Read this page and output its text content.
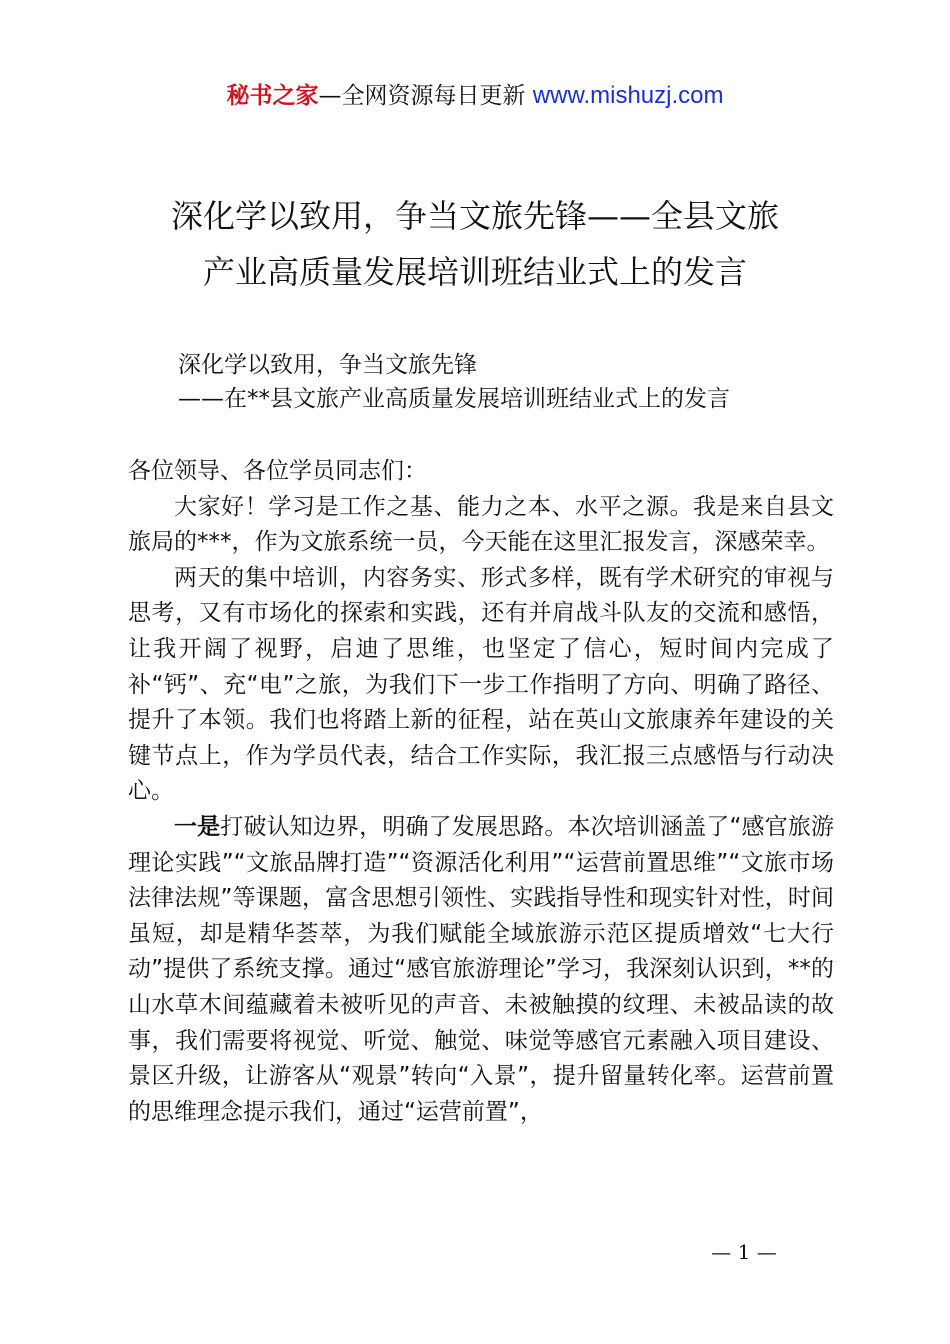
秘书之家—全网资源每日更新 www.mishuzj.com
深化学以致用，争当文旅先锋——全县文旅
产业高质量发展培训班结业式上的发言
深化学以致用，争当文旅先锋
——在**县文旅产业高质量发展培训班结业式上的发言

各位领导、各位学员同志们：

大家好！学习是工作之基、能力之本、水平之源。我是来自县文旅局的***，作为文旅系统一员，今天能在这里汇报发言，深感荣幸。

两天的集中培训，内容务实、形式多样，既有学术研究的审视与思考，又有市场化的探索和实践，还有并肩战斗队友的交流和感悟，让我开阔了视野，启迪了思维，也坚定了信心，短时间内完成了补“钙”、充“电”之旅，为我们下一步工作指明了方向、明确了路径、提升了本领。我们也将踏上新的征程，站在英山文旅康养年建设的关键节点上，作为学员代表，结合工作实际，我汇报三点感悟与行动决心。

一是打破认知边界，明确了发展思路。本次培训涵盖了“感官旅游理论实践”“文旅品牌打造”“资源活化利用”“运营前置思维”“文旅市场法律法规”等课题，富含思想引领性、实践指导性和现实针对性，时间虽短，却是精华荟萃，为我们赋能全域旅游示范区提质增效“七大行动”提供了系统支撑。通过“感官旅游理论”学习，我深刻认识到，**的山水草木间蕴藏着未被听见的声音、未被触摸的纹理、未被品读的故事，我们需要将视觉、听觉、触觉、味觉等感官元素融入项目建设、景区升级，让游客从“观景”转向“入景”，提升留量转化率。运营前置的思维理念提示我们，通过“运营前置”，

— 1 —
